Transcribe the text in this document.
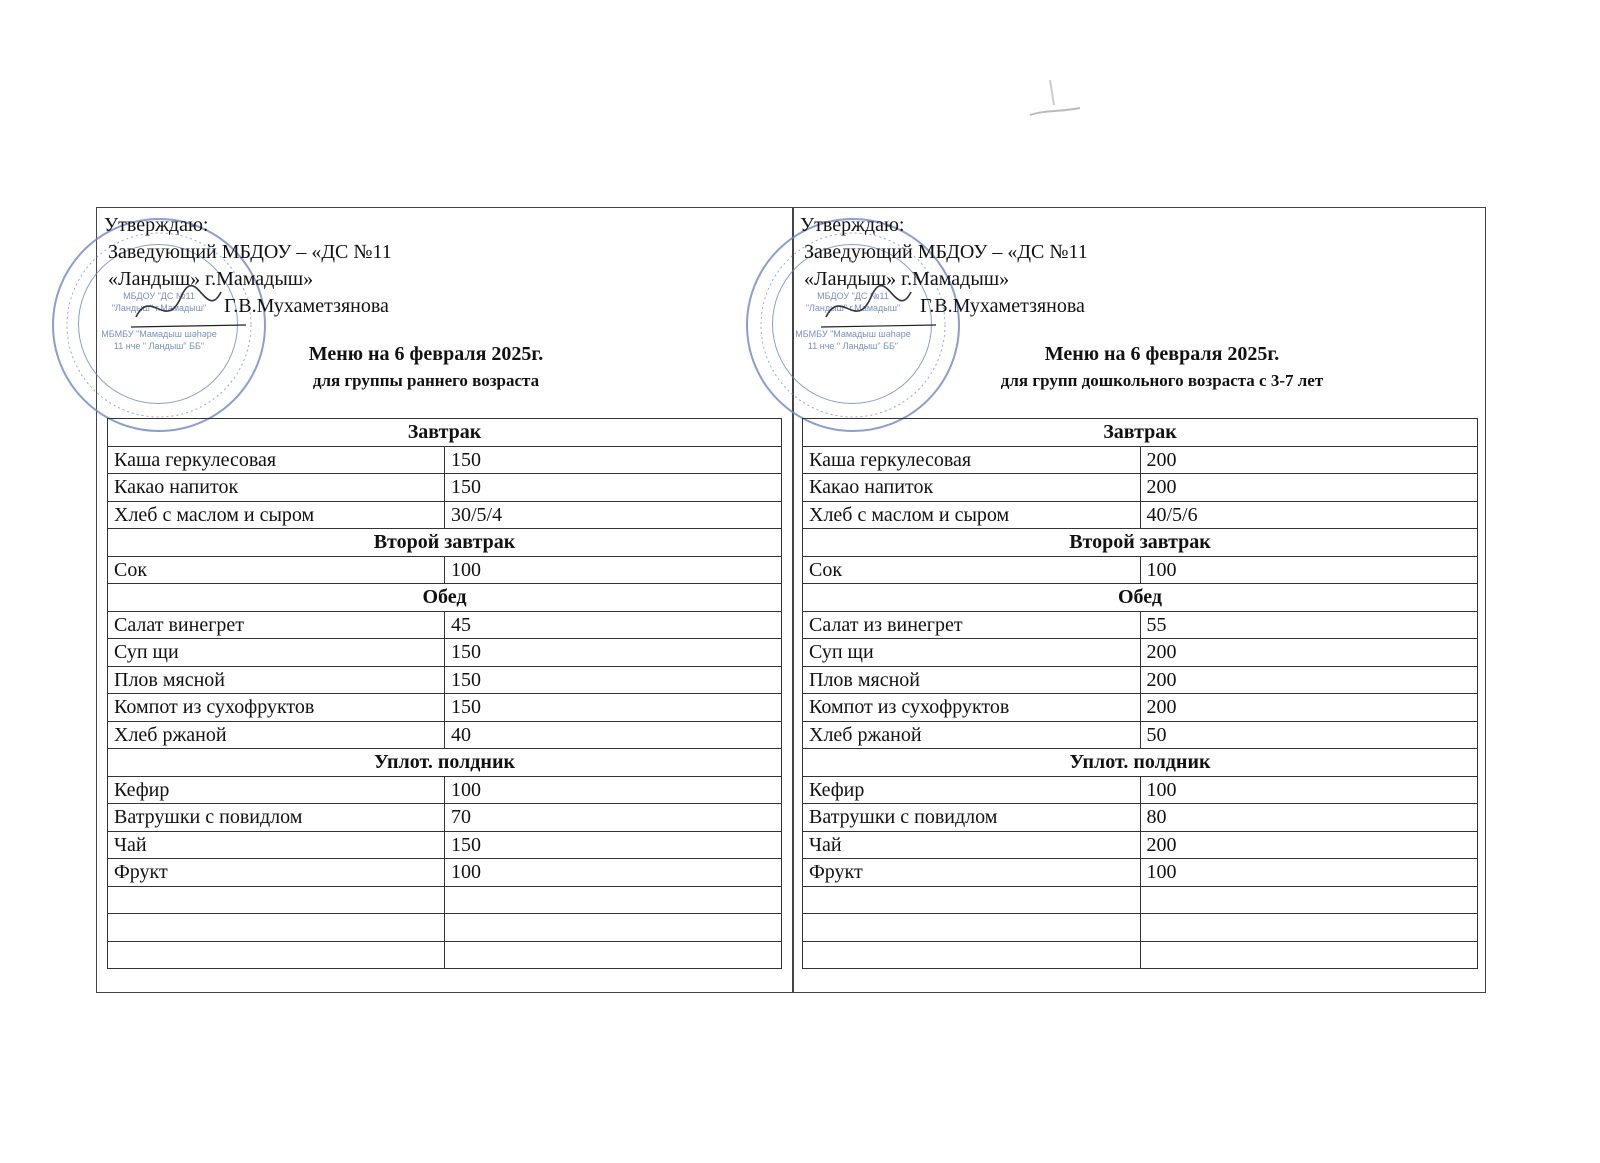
МБДОУ "ДС №11
"Ландыш" г.Мамадыш"
МБМБУ "Мамадыш шәһәре
11 нче " Ландыш" ББ"
Утверждаю:
Заведующий МБДОУ – «ДС №11
«Ландыш» г.Мамадыш»
Г.В.Мухаметзянова
Меню на 6 февраля 2025г.
для группы раннего возраста
Завтрак	
Каша геркулесовая	150
Какао напиток	150
Хлеб с маслом и сыром	30/5/4
Второй завтрак	
Сок	100
Обед	
Салат винегрет	45
Суп щи	150
Плов мясной	150
Компот из сухофруктов	150
Хлеб ржаной	40
Уплот. полдник	
Кефир	100
Ватрушки с повидлом	70
Чай	150
Фрукт	100

МБДОУ "ДС №11
"Ландыш" г.Мамадыш"
МБМБУ "Мамадыш шәһәре
11 нче " Ландыш" ББ"
Утверждаю:
Заведующий МБДОУ – «ДС №11
«Ландыш» г.Мамадыш»
Г.В.Мухаметзянова
Меню на 6 февраля 2025г.
для групп дошкольного возраста с 3-7 лет
Завтрак	
Каша геркулесовая	200
Какао напиток	200
Хлеб с маслом и сыром	40/5/6
Второй завтрак	
Сок	100
Обед	
Салат из винегрет	55
Суп щи	200
Плов мясной	200
Компот из сухофруктов	200
Хлеб ржаной	50
Уплот. полдник	
Кефир	100
Ватрушки с повидлом	80
Чай	200
Фрукт	100
